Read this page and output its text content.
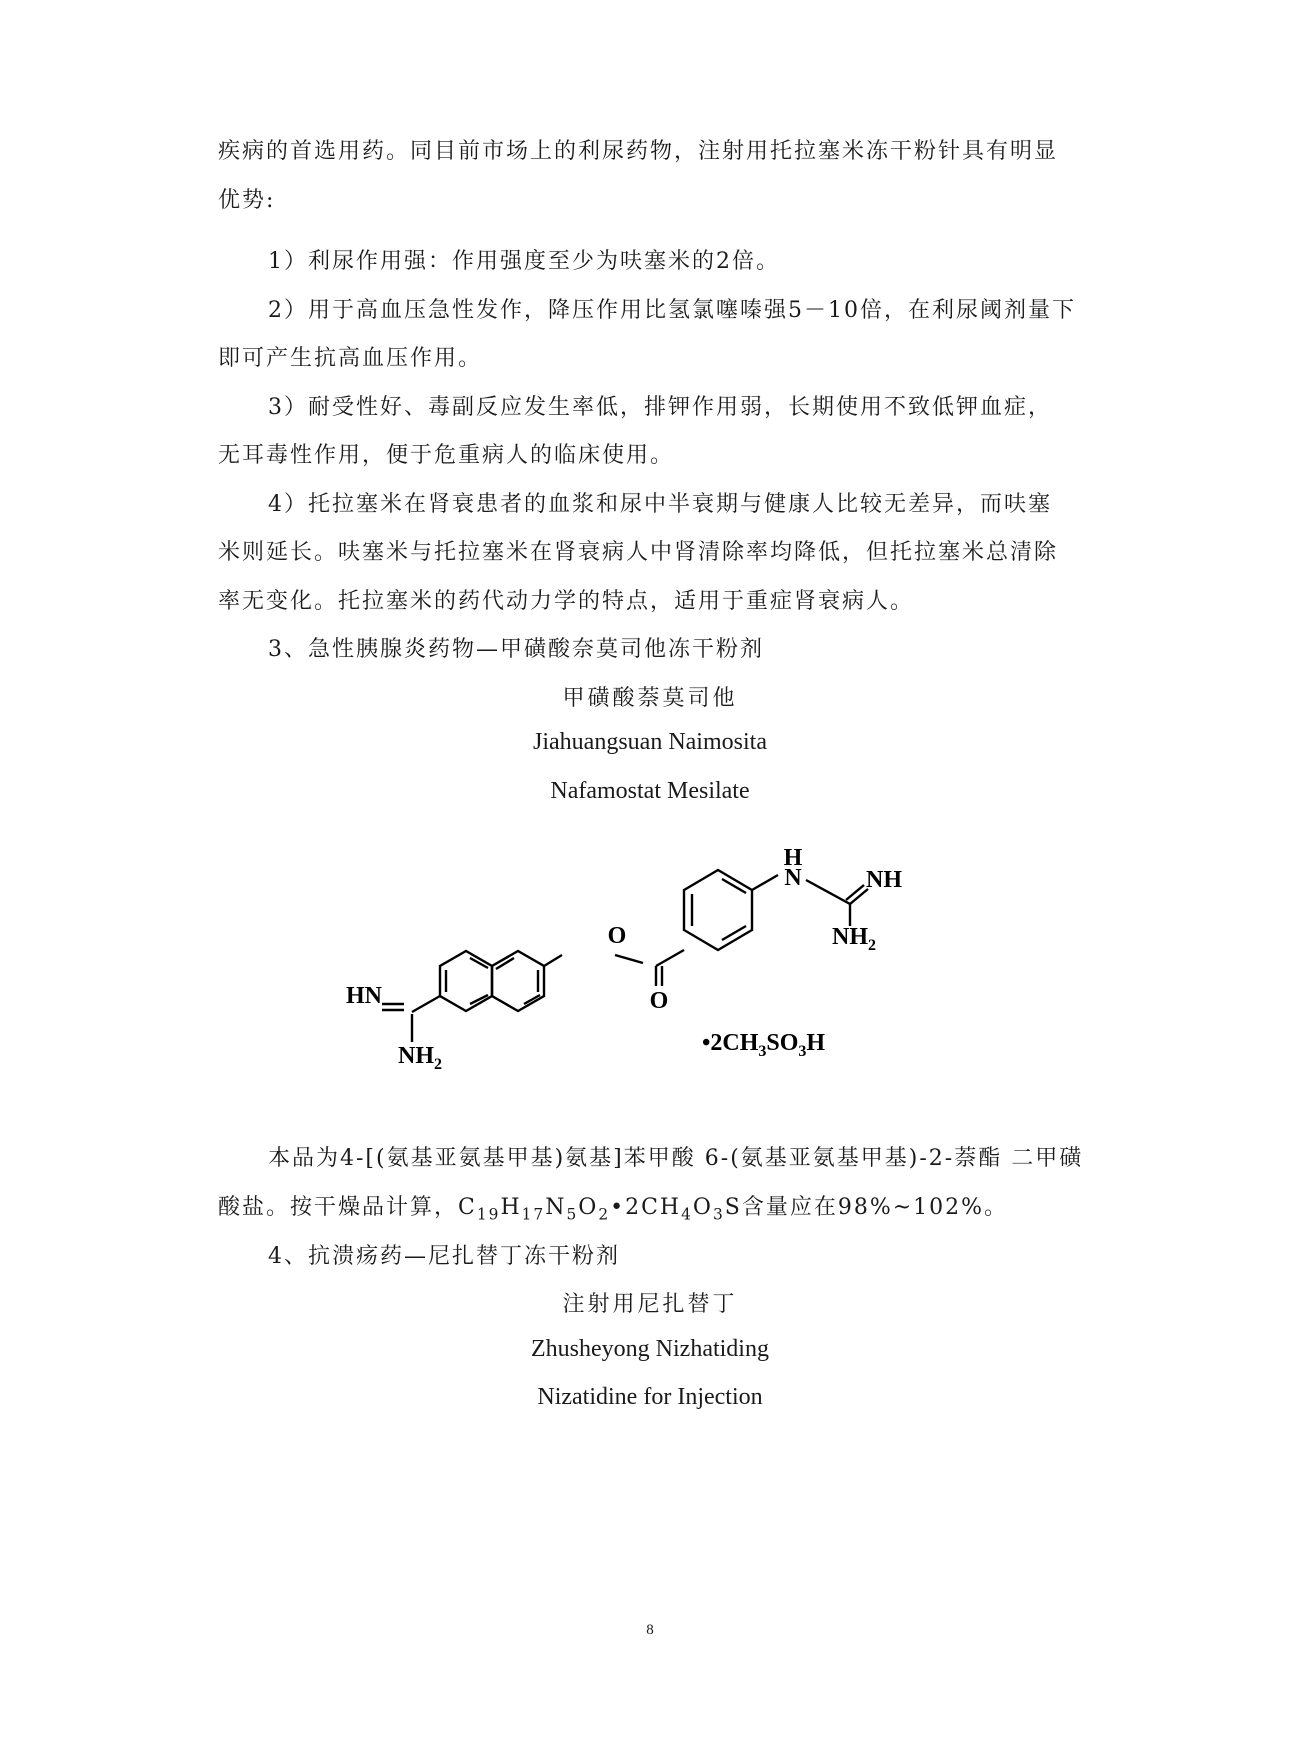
疾病的首选用药。同目前市场上的利尿药物，注射用托拉塞米冻干粉针具有明显
优势:
1）利尿作用强：作用强度至少为呋塞米的2倍。
2）用于高血压急性发作，降压作用比氢氯噻嗪强5－10倍，在利尿阈剂量下
即可产生抗高血压作用。
3）耐受性好、毒副反应发生率低，排钾作用弱，长期使用不致低钾血症，
无耳毒性作用，便于危重病人的临床使用。
4）托拉塞米在肾衰患者的血浆和尿中半衰期与健康人比较无差异，而呋塞
米则延长。呋塞米与托拉塞米在肾衰病人中肾清除率均降低，但托拉塞米总清除
率无变化。托拉塞米的药代动力学的特点，适用于重症肾衰病人。
3、急性胰腺炎药物—甲磺酸奈莫司他冻干粉剂
甲磺酸萘莫司他
Jiahuangsuan Naimosita
Nafamostat Mesilate
H
N	NH
$NH_2$
O
O
HN
$NH_2$
$•2CH_3SO_3H$
本品为4-[(氨基亚氨基甲基)氨基]苯甲酸 6-(氨基亚氨基甲基)-2-萘酯 二甲磺
酸盐。按干燥品计算，$C_{19}H_{17}N_5O_2•2CH_4O_3S$含量应在98%~102%。
4、抗溃疡药—尼扎替丁冻干粉剂
注射用尼扎替丁
Zhusheyong Nizhatiding
Nizatidine for Injection
8
